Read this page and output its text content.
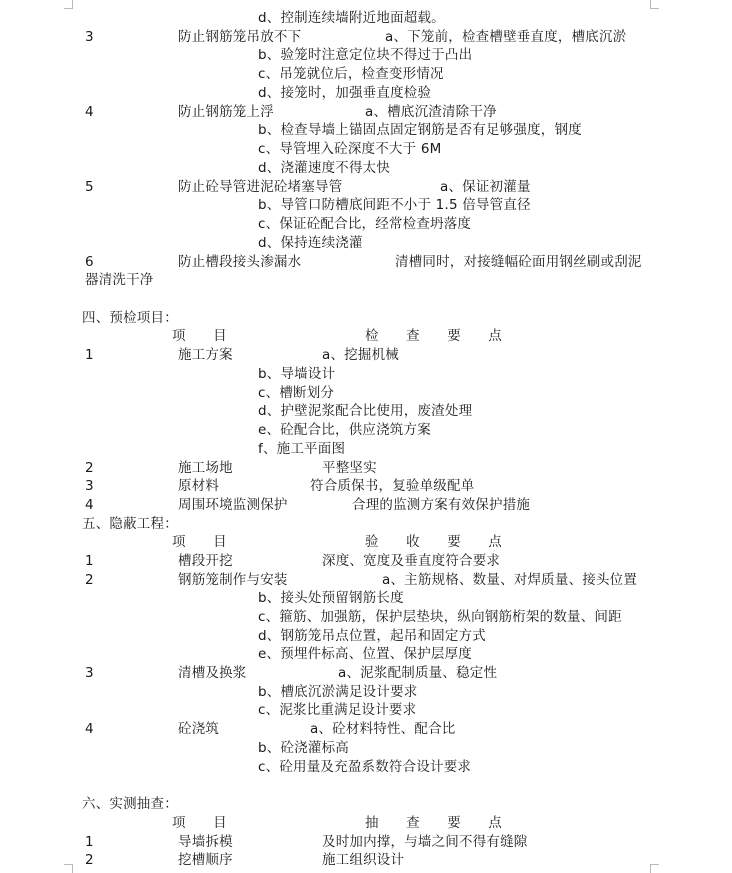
d、控制连续墙附近地面超载。
3	防止钢筋笼吊放不下	a、下笼前，检查槽壁垂直度，槽底沉淤
b、验笼时注意定位块不得过于凸出
c、吊笼就位后，检查变形情况
d、接笼时，加强垂直度检验
4	防止钢筋笼上浮	a、槽底沉渣清除干净
b、检查导墙上锚固点固定钢筋是否有足够强度，钢度
c、导管埋入砼深度不大于 6M
d、浇灌速度不得太快
5	防止砼导管进泥砼堵塞导管	a、保证初灌量
b、导管口防槽底间距不小于 1.5 倍导管直径
c、保证砼配合比，经常检查坍落度
d、保持连续浇灌
6	防止槽段接头渗漏水	清槽同时，对接缝幅砼面用钢丝刷或刮泥
器清洗干净
四、预检项目：
项　　目	检　　查　　要　　点
1	施工方案	a、挖掘机械
b、导墙设计
c、槽断划分
d、护壁泥浆配合比使用，废渣处理
e、砼配合比，供应浇筑方案
f、施工平面图
2	施工场地	平整坚实
3	原材料	符合质保书，复验单级配单
4	周围环境监测保护	合理的监测方案有效保护措施
五、隐蔽工程：
项　　目	验　　收　　要　　点
1	槽段开挖	深度、宽度及垂直度符合要求
2	钢筋笼制作与安装	a、主筋规格、数量、对焊质量、接头位置
b、接头处预留钢筋长度
c、箍筋、加强筋，保护层垫块，纵向钢筋桁架的数量、间距
d、钢筋笼吊点位置，起吊和固定方式
e、预埋件标高、位置、保护层厚度
3	清槽及换浆	a、泥浆配制质量、稳定性
b、槽底沉淤满足设计要求
c、泥浆比重满足设计要求
4	砼浇筑	a、砼材料特性、配合比
b、砼浇灌标高
c、砼用量及充盈系数符合设计要求
六、实测抽查：
项　　目	抽　　查　　要　　点
1	导墙拆模	及时加内撑，与墙之间不得有缝隙
2	挖槽顺序	施工组织设计
